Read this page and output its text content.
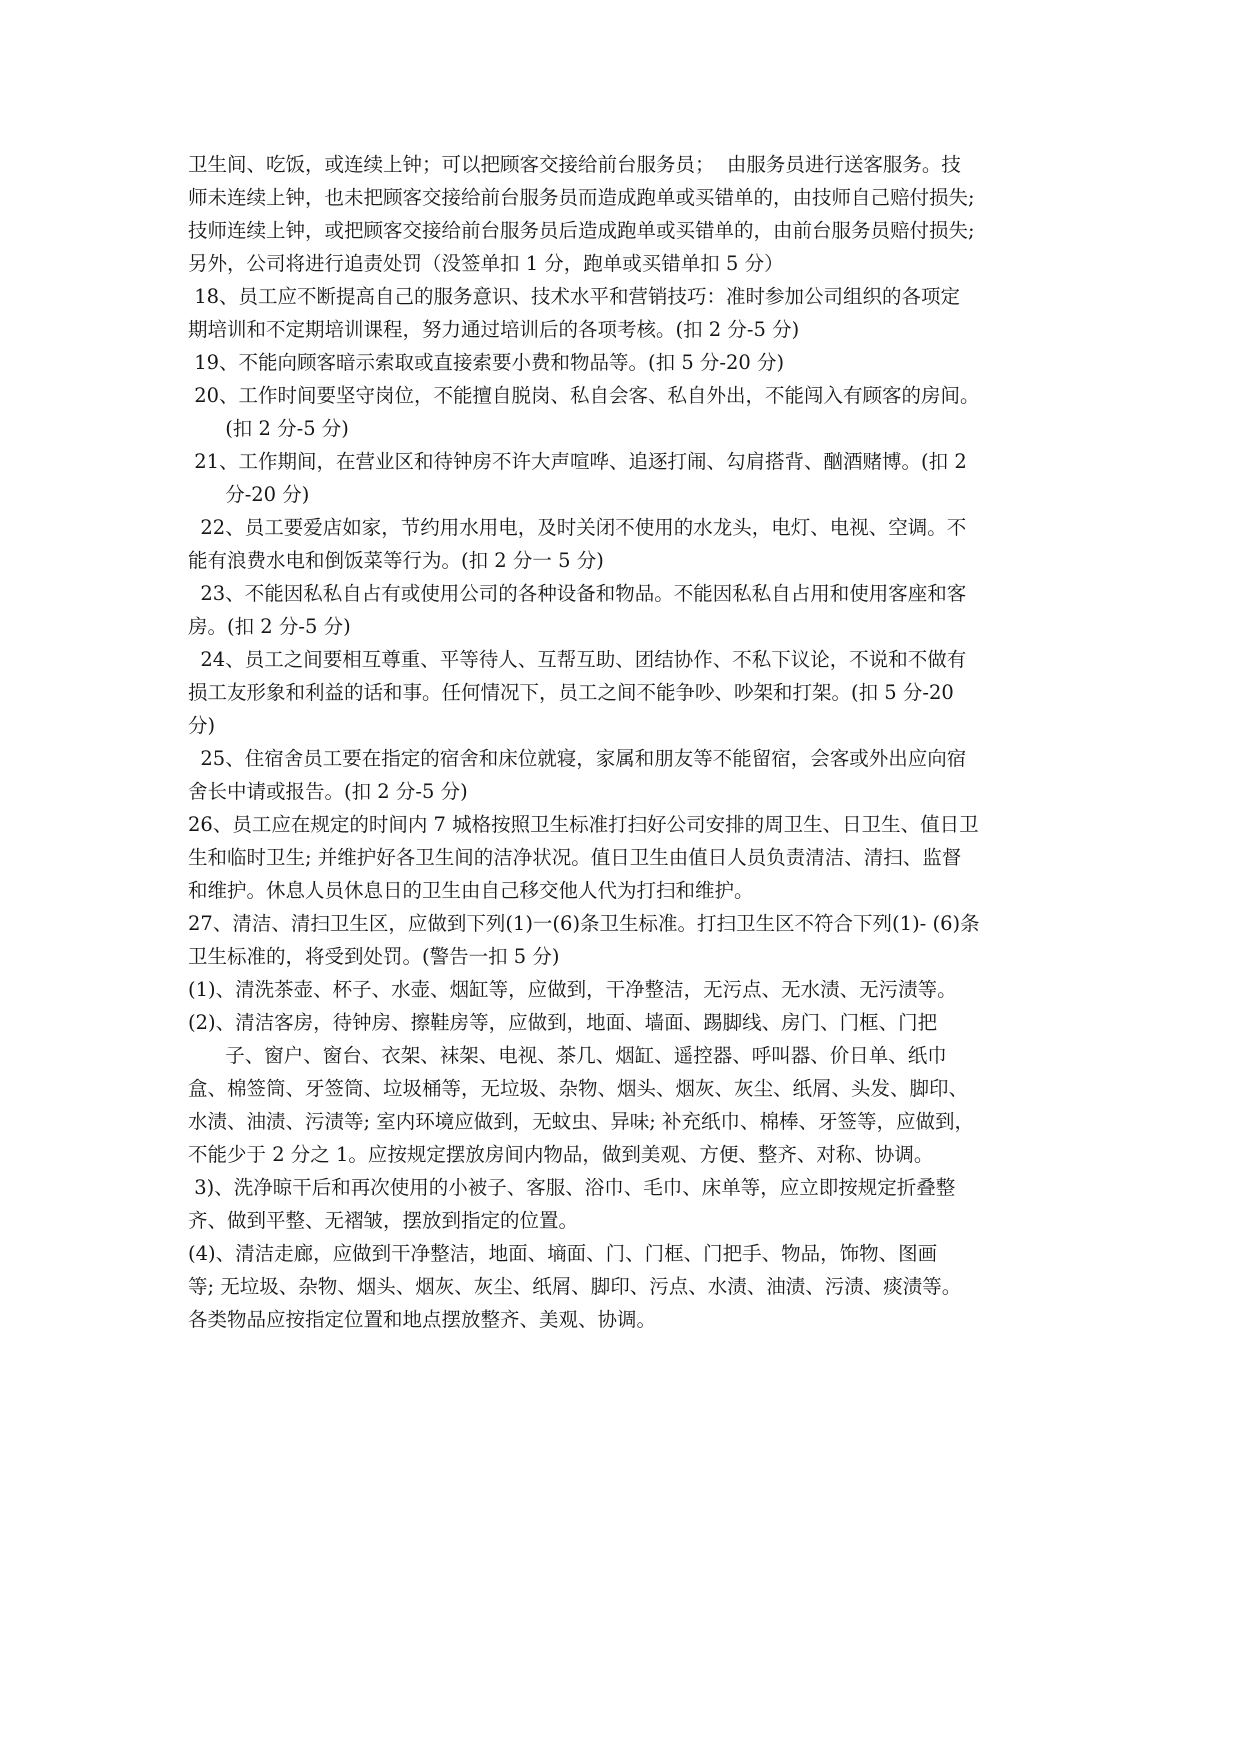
卫生间、吃饭，或连续上钟；可以把顾客交接给前台服务员；  由服务员进行送客服务。技
师未连续上钟，也未把顾客交接给前台服务员而造成跑单或买错单的，由技师自己赔付损失;
技师连续上钟，或把顾客交接给前台服务员后造成跑单或买错单的，由前台服务员赔付损失;
另外，公司将进行追责处罚（没签单扣 1 分，跑单或买错单扣 5 分）
18、员工应不断提高自己的服务意识、技术水平和营销技巧：准时参加公司组织的各项定
期培训和不定期培训课程，努力通过培训后的各项考核。(扣 2 分-5 分)
19、不能向顾客暗示索取或直接索要小费和物品等。(扣 5 分-20 分)
20、工作时间要坚守岗位，不能擅自脱岗、私自会客、私自外出，不能闯入有顾客的房间。
(扣 2 分-5 分)
21、工作期间，在营业区和待钟房不许大声喧哗、追逐打闹、勾肩搭背、酗酒赌博。(扣 2
分-20 分)
22、员工要爱店如家，节约用水用电，及时关闭不使用的水龙头，电灯、电视、空调。不
能有浪费水电和倒饭菜等行为。(扣 2 分一 5 分)
23、不能因私私自占有或使用公司的各种设备和物品。不能因私私自占用和使用客座和客
房。(扣 2 分-5 分)
24、员工之间要相互尊重、平等待人、互帮互助、团结协作、不私下议论，不说和不做有
损工友形象和利益的话和事。任何情况下，员工之间不能争吵、吵架和打架。(扣 5 分-20
分)
25、住宿舍员工要在指定的宿舍和床位就寝，家属和朋友等不能留宿，会客或外出应向宿
舍长中请或报告。(扣 2 分-5 分)
26、员工应在规定的时间内 7 城格按照卫生标准打扫好公司安排的周卫生、日卫生、值日卫
生和临时卫生; 并维护好各卫生间的洁净状况。值日卫生由值日人员负责清洁、清扫、监督
和维护。休息人员休息日的卫生由自己移交他人代为打扫和维护。
27、清洁、清扫卫生区，应做到下列(1)一(6)条卫生标准。打扫卫生区不符合下列(1)- (6)条
卫生标准的，将受到处罚。(警告一扣 5 分)
(1)、清洗茶壶、杯子、水壶、烟缸等，应做到，干净整洁，无污点、无水渍、无污渍等。
(2)、清洁客房，待钟房、擦鞋房等，应做到，地面、墙面、踢脚线、房门、门框、门把
子、窗户、窗台、衣架、袜架、电视、茶几、烟缸、遥控器、呼叫器、价日单、纸巾
盒、棉签筒、牙签筒、垃圾桶等，无垃圾、杂物、烟头、烟灰、灰尘、纸屑、头发、脚印、
水渍、油渍、污渍等; 室内环境应做到，无蚊虫、异味; 补充纸巾、棉棒、牙签等，应做到，
不能少于 2 分之 1。应按规定摆放房间内物品，做到美观、方便、整齐、对称、协调。
3)、洗净晾干后和再次使用的小被子、客服、浴巾、毛巾、床单等，应立即按规定折叠整
齐、做到平整、无褶皱，摆放到指定的位置。
(4)、清洁走廊，应做到干净整洁，地面、墒面、门、门框、门把手、物品，饰物、图画
等; 无垃圾、杂物、烟头、烟灰、灰尘、纸屑、脚印、污点、水渍、油渍、污渍、痰渍等。
各类物品应按指定位置和地点摆放整齐、美观、协调。
